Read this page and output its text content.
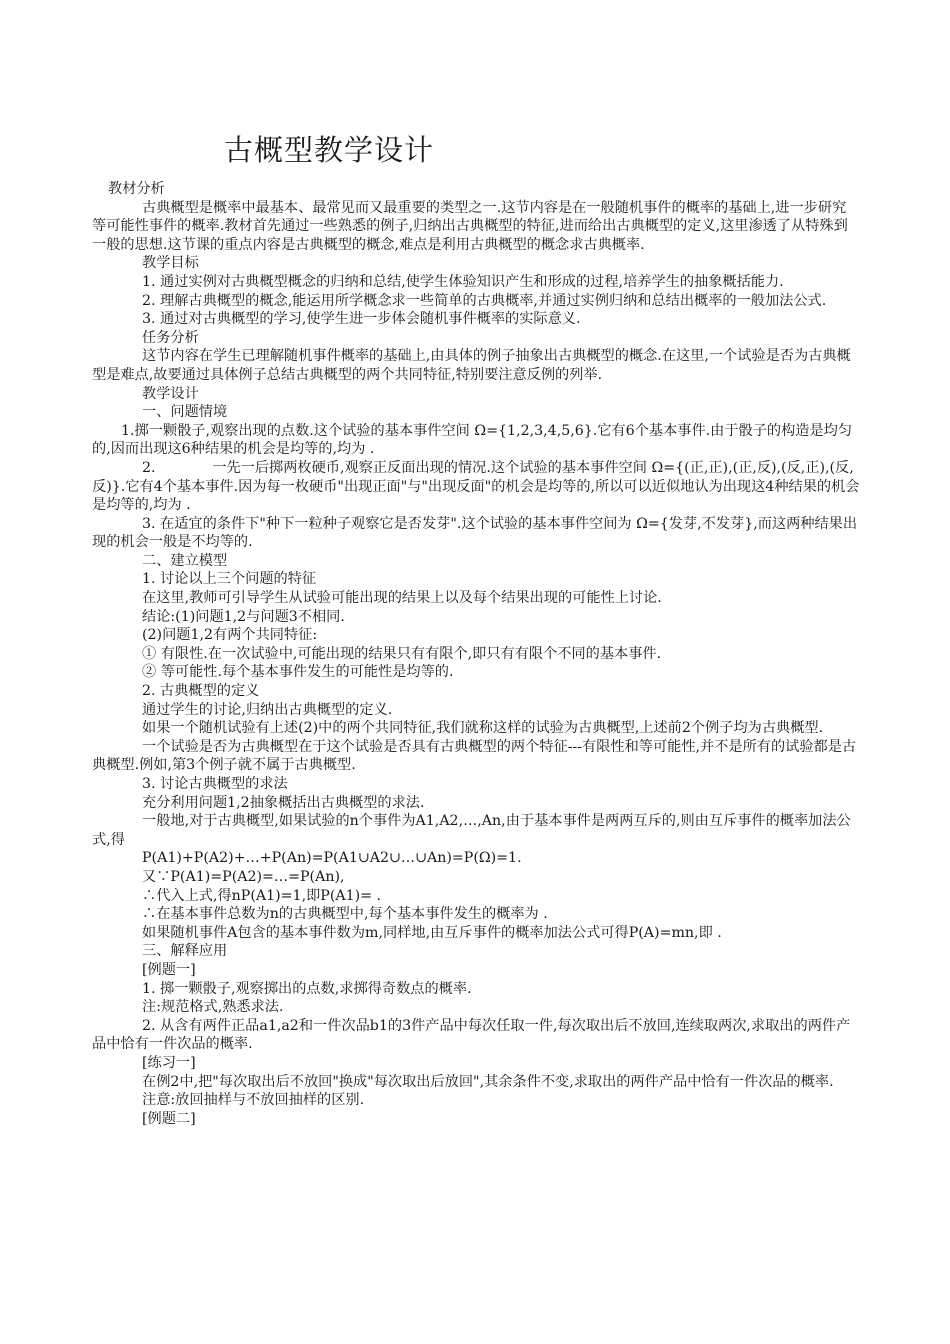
古概型教学设计

教材分析

古典概型是概率中最基本、最常见而又最重要的类型之一.这节内容是在一般随机事件的概率的基础上,进一步研究等可能性事件的概率.教材首先通过一些熟悉的例子,归纳出古典概型的特征,进而给出古典概型的定义,这里渗透了从特殊到一般的思想.这节课的重点内容是古典概型的概念,难点是利用古典概型的概念求古典概率.

教学目标

1. 通过实例对古典概型概念的归纳和总结,使学生体验知识产生和形成的过程,培养学生的抽象概括能力.

2. 理解古典概型的概念,能运用所学概念求一些简单的古典概率,并通过实例归纳和总结出概率的一般加法公式.

3. 通过对古典概型的学习,使学生进一步体会随机事件概率的实际意义.

任务分析

这节内容在学生已理解随机事件概率的基础上,由具体的例子抽象出古典概型的概念.在这里,一个试验是否为古典概型是难点,故要通过具体例子总结古典概型的两个共同特征,特别要注意反例的列举.

教学设计

一、问题情境

1.掷一颗骰子,观察出现的点数.这个试验的基本事件空间 Ω={1,2,3,4,5,6}.它有6个基本事件.由于骰子的构造是均匀的,因而出现这6种结果的机会是均等的,均为 .

2.　　　　一先一后掷两枚硬币,观察正反面出现的情况.这个试验的基本事件空间 Ω={(正,正),(正,反),(反,正),(反,反)}.它有4个基本事件.因为每一枚硬币"出现正面"与"出现反面"的机会是均等的,所以可以近似地认为出现这4种结果的机会是均等的,均为 .

3. 在适宜的条件下"种下一粒种子观察它是否发芽".这个试验的基本事件空间为 Ω={发芽,不发芽},而这两种结果出现的机会一般是不均等的.

二、建立模型

1. 讨论以上三个问题的特征

在这里,教师可引导学生从试验可能出现的结果上以及每个结果出现的可能性上讨论.

结论:(1)问题1,2与问题3不相同.

(2)问题1,2有两个共同特征:

① 有限性.在一次试验中,可能出现的结果只有有限个,即只有有限个不同的基本事件.

② 等可能性.每个基本事件发生的可能性是均等的.

2. 古典概型的定义

通过学生的讨论,归纳出古典概型的定义.

如果一个随机试验有上述(2)中的两个共同特征,我们就称这样的试验为古典概型,上述前2个例子均为古典概型.

一个试验是否为古典概型在于这个试验是否具有古典概型的两个特征---有限性和等可能性,并不是所有的试验都是古典概型.例如,第3个例子就不属于古典概型.

3. 讨论古典概型的求法

充分利用问题1,2抽象概括出古典概型的求法.

一般地,对于古典概型,如果试验的n个事件为A1,A2,…,An,由于基本事件是两两互斥的,则由互斥事件的概率加法公式,得

P(A1)+P(A2)+…+P(An)=P(A1∪A2∪…∪An)=P(Ω)=1.

又∵P(A1)=P(A2)=…=P(An),

∴代入上式,得nP(A1)=1,即P(A1)= .

∴在基本事件总数为n的古典概型中,每个基本事件发生的概率为 .

如果随机事件A包含的基本事件数为m,同样地,由互斥事件的概率加法公式可得P(A)=mn,即 .

三、解释应用

[例题一]

1. 掷一颗骰子,观察掷出的点数,求掷得奇数点的概率.

注:规范格式,熟悉求法.

2. 从含有两件正品a1,a2和一件次品b1的3件产品中每次任取一件,每次取出后不放回,连续取两次,求取出的两件产品中恰有一件次品的概率.

[练习一]

在例2中,把"每次取出后不放回"换成"每次取出后放回",其余条件不变,求取出的两件产品中恰有一件次品的概率.

注意:放回抽样与不放回抽样的区别.

[例题二]
